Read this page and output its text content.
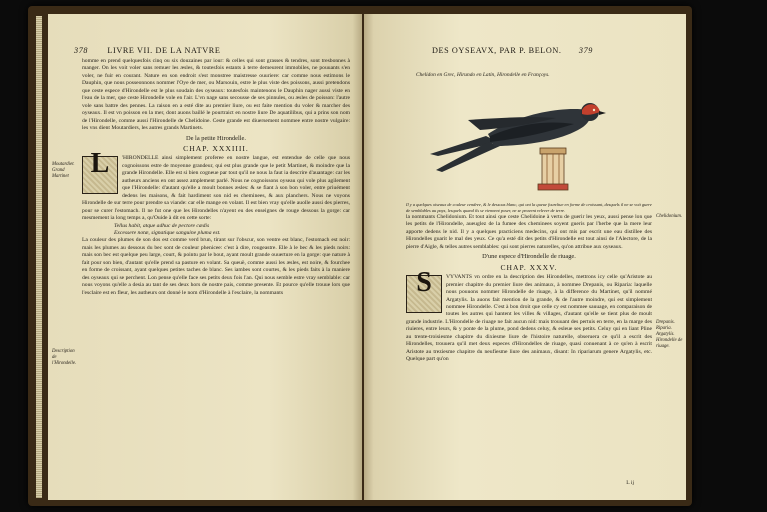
378 LIVRE VII. DE LA NATVRE
Moutardier. Grand Martinet
Description de l'Hirondelle.

homme en prend quelquesfois cinq ou six douzaines par iour: & celles qui sont grasses & tendres, sont tresbonnes à manger. On les voit voler sans remuer les æsles, & toutesfois estants à terre demeurent immobiles, ne pouuants s'en voler, ne fuir en courant. Nature en son endroit s'est monstree maistresse ouuriere: car comme nous estimons le Dauphin, que nous posseonnons nommer l'Oye de mer, ou Marsouin, estre le plus viste des poissons, aussi pretendons que ceste espece d'Hirondelle est le plus soudain des oyseaux: toutesfois maintenons le Dauphin nager aussi viste en l'eau de la mer, que ceste Hirondelle vole en l'air. L'vn nage sans secousse de ses pinnules, ou æsles de poisson: l'autre vole sans battre des pennes. La raison en a esté dite au premier liure, ou est faite mention du voler & marcher des oyseaux. Il est vn poisson en la mer, dont auons baillé le pourtraict en nostre liure De aquatilibus, qui a prins son nom de l'Hirondelle, comme aussi l'Hirondelle de Chelidoine. Ceste grande est diuersement nommee entre nostre vulgaire: les vns dient Moutardiers, les autres grands Martinets.

De la petite Hirondelle.
CHAP. XXXIIII.

L	'HIRONDELLE ainsi simplement proferee en nostre langue, est entendue de celle que nous cognoissons estre de moyenne grandeur, qui est plus grande que le petit Martinet, & moindre que la grande Hirondelle. Elle est si bien cogneue par tout qu'il ne nous la faut ia descrire d'auantage: car les autheurs anciens en ont assez amplement parlé. Nous ne cognoissons oyseau qui vole plus agilement que l'Hirondelle: d'autant qu'elle a moult bonnes æsles: & se fiant à son bon voler, entre priuément dedens les maisons, & fait hardiment son nid es cheminees, & aux planchers. Nous ne voyons Hirondelle de sur terre pour prendre sa viande: car elle mange en volant. Il est bien vray qu'elle auolle aussi des pierres, pour se curer l'estomach. Il ne fut one que les Hirondelles n'ayent eu des enseignes de rouge dessous la gorge: car mesmement ia long temps a, qu'Ouide à dit en cette sorte:

Tellus habit, atque adhuc de pectore cædis
Excessere notæ, signatique sanguine pluma est.

La couleur des plumes de son dos est comme verd brun, tirant sur l'obscur, son ventre est blanc, l'estomach est noir: mais les plumes au dessous du bec sont de couleur phenicee: c'est à dire, rougeastre. Elle à le bec & les pieds noirs: mais son bec est quelque peu large, court, & pointu par le bout, ayant moult grande ouuerture en la gorge: que nature à fait pour son bien, d'autant qu'elle prend sa pasture en volant. Sa queuë, comme aussi les æsles, est noire, & fourchee en forme de croissant, ayant quelques petites taches de blanc. Ses iambes sont courtes, & les pieds faits à la maniere des oyseaux qui se perchent. Lon pense qu'elle face ses petits deux fois l'an. Qui nous semble estre vray semblable: car nous voyons qu'elle a desia au tant de ses deux hors de nostre pais, comme presente. Et pource qu'elle trouue lors que l'esclaire est en fleur, les autheurs ont donné le nom d'Hirondelle à l'esclaire, la nommants

DES OYSEAVX, PAR P. BELON. 379
Chelidon en Grec, Hirundo en Latin, Hirondelle en Françoys.
Il y a quelques oiseaux de couleur cendree, & le dessous blanc, qui ont la queue fourchue en forme de croissant, desquels il ne se voit guere de semblables au pays, lesquels quand ils se viennent poser, ne se peuvent relever de terre.
Chelidonium.
Drepanis. Riparia. Argatylis. Hirondelle de riuage.

la nommants Chelidonium. Et tout ainsi que ceste Chelidoine à vertu de guerir les yeux, aussi pense lon que les petits de l'Hirondelle, aueuglez de la fumee des cheminees soyent gueris par l'herbe que la mere leur apporte dedens le nid. Il y a quelques practiciens medecins, qui ont mis par escrit une eau distillee des Hirondelles guarit le mal des yeux. Ce qu'a esté dit des petits d'Hirondelle est tout ainsi de l'Alectore, de la pierre d'Aigle, & telles autres semblables: qui sont pierres naturelles, qu'on attribue aux oyseaux.

D'une espece d'Hirondelle de riuage.
CHAP. XXXV.

S	VYVANTS vn ordre en la description des Hirondelles, mettrons icy celle qu'Aristote au premier chapitre du premier liure des animaux, à nommee Drepanis, ou Riparia: laquelle nous pouuons nommer Hirondelle de riuage, à la difference du Martinet, qu'il nommé Argatylis. Ia auons fait mention de la grande, & de l'autre moindre, qui est simplement nommee Hirondelle. C'est à bon droit que celle cy est nommee sauuage, en comparaison de toutes les autres qui hantent les villes & villages, d'autant qu'elle se tient plus de moult grande industrie. L'Hirondelle de riuage ne fait aucun nid: mais trouuant des pertuis en terre, en la marge des riuieres, entre leurs, & y ponte de la plume, pond dedens celuy, & esleue ses petits. Celuy qui en liant Pline au trente-troisiesme chapitre du dixiesme liure de l'histoire naturelle, obseruera ce qu'il a escrit des Hirondelles, trouuera qu'il met deux especes d'Hirondelles de riuage, quasi conuenant à ce qu'en à escrit Aristote au treziesme chapitre du neufiesme liure des animaux, disant: In ripariarum genere Argatylis, etc. Quelque part qu'on

L ij
